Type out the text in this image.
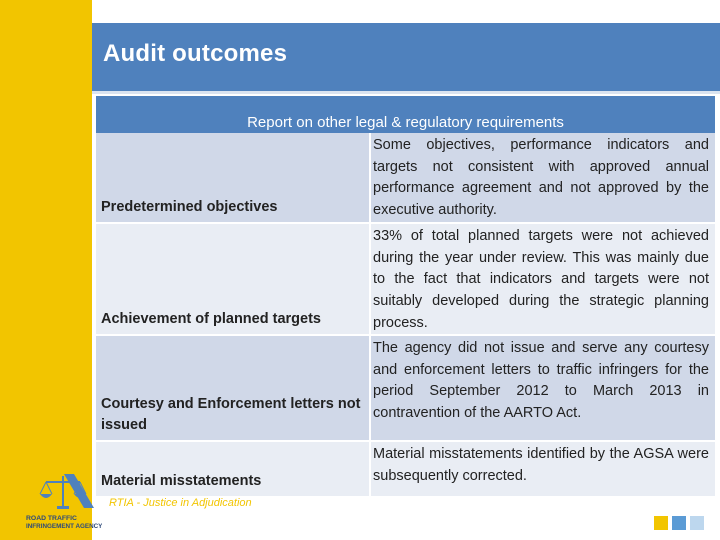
Audit outcomes
Report on other legal & regulatory requirements
Predetermined objectives
Some objectives, performance indicators and targets not consistent with approved annual performance agreement and not approved by the executive authority.
Achievement of planned targets
33% of total planned targets were not achieved during the year under review. This was mainly due to the fact that indicators and targets were not suitably developed during the strategic planning process.
Courtesy and Enforcement letters not issued
The agency did not issue and serve any courtesy and enforcement letters to traffic infringers for the period September 2012 to March 2013 in contravention of the AARTO Act.
Material misstatements
Material misstatements identified by the AGSA were subsequently corrected.
ROAD TRAFFIC
INFRINGEMENT AGENCY
RTIA - Justice in Adjudication
